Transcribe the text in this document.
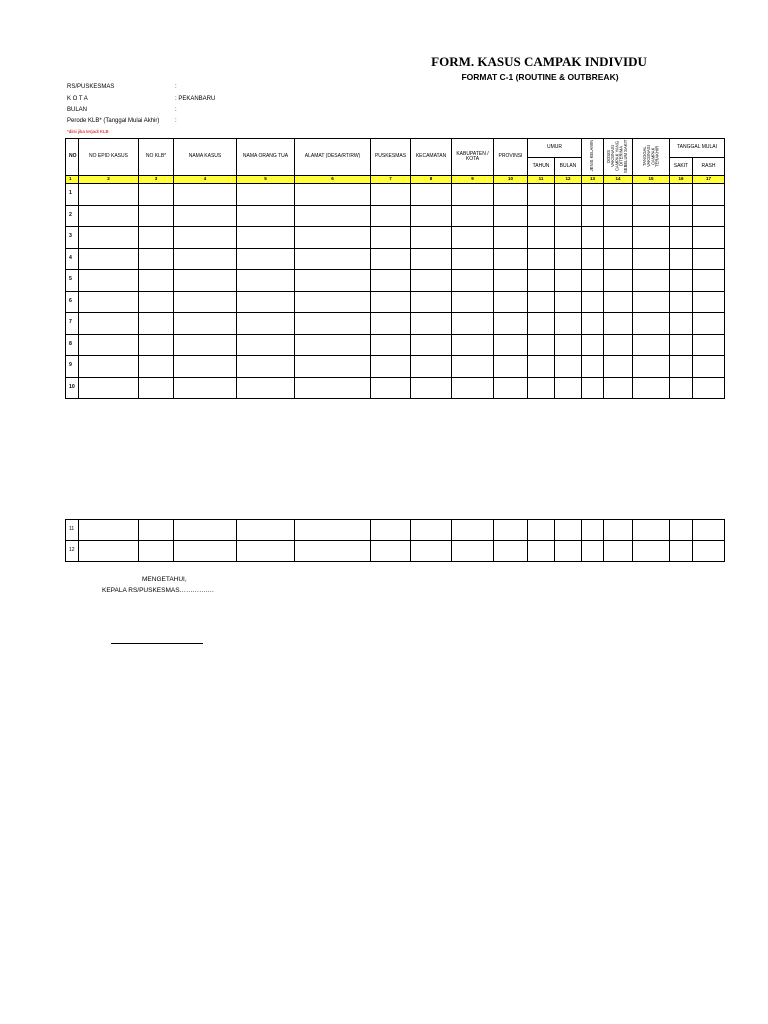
FORM. KASUS CAMPAK INDIVIDU
FORMAT C-1 (ROUTINE & OUTBREAK)
RS/PUSKESMAS	:
K O T A	: PEKANBARU
BULAN	:
Perode KLB* (Tanggal Mulai Akhir)	:
*diisi jika terjadi KLB
NO	NO EPID KASUS	NO KLB*	NAMA KASUS	NAMA ORANG TUA	ALAMAT (DESA/RT/RW)	PUSKESMAS	KECAMATAN	KABUPATEN / KOTA	PROVINSI	UMUR		JENIS KELAMIN	DOSIS VAKSINASI CAMPAK YANG DITERIMA SEBELUM SAKIT	TANGGAL VAKSINASI CAMPAK TERAKHIR	TANGGAL MULAI	
										TAHUN	BULAN				SAKIT	RASH
1	2	3	4	5	6	7	8	9	10	11	12	13	14	15	16	17
1																
2																
3																
4																
5																
6																
7																
8																
9																
10																
11																
12																
MENGETAHUI,
KEPALA RS/PUSKESMAS…………….
